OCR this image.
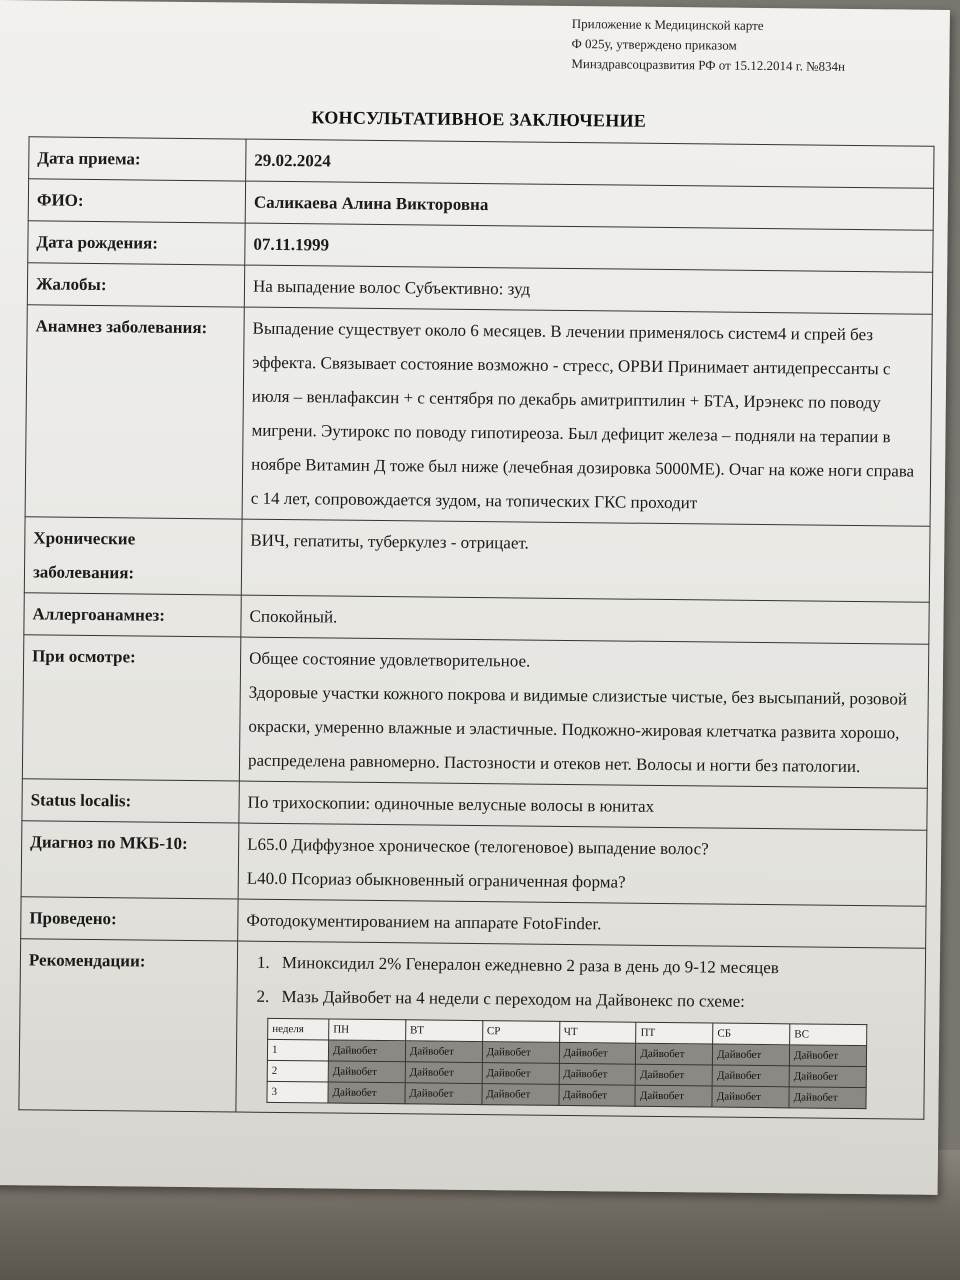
Приложение к Медицинской карте
Ф 025у, утверждено приказом
Минздравсоцразвития РФ от 15.12.2014 г. №834н
КОНСУЛЬТАТИВНОЕ ЗАКЛЮЧЕНИЕ
Дата приема:	29.02.2024
ФИО:	Саликаева Алина Викторовна
Дата рождения:	07.11.1999
Жалобы:	На выпадение волос Субъективно: зуд
Анамнез заболевания:	Выпадение существует около 6 месяцев. В лечении применялось систем4 и спрей без эффекта. Связывает состояние возможно - стресс, ОРВИ Принимает антидепрессанты с июля – венлафаксин + с сентября по декабрь амитриптилин + БТА, Ирэнекс по поводу мигрени. Эутирокс по поводу гипотиреоза. Был дефицит железа – подняли на терапии в ноябре Витамин Д тоже был ниже (лечебная дозировка 5000МЕ). Очаг на коже ноги справа с 14 лет, сопровождается зудом, на топических ГКС проходит
Хронические заболевания:	ВИЧ, гепатиты, туберкулез - отрицает.
Аллергоанамнез:	Спокойный.
При осмотре:	Общее состояние удовлетворительное.
Здоровые участки кожного покрова и видимые слизистые чистые, без высыпаний, розовой окраски, умеренно влажные и эластичные. Подкожно-жировая клетчатка развита хорошо, распределена равномерно. Пастозности и отеков нет. Волосы и ногти без патологии.

Status localis:	По трихоскопии: одиночные велусные волосы в юнитах
Диагноз по МКБ-10:	L65.0 Диффузное хроническое (телогеновое) выпадение волос?
L40.0 Псориаз обыкновенный ограниченная форма?

Проведено:	Фотодокументированием на аппарате FotoFinder.
Рекомендации:	
1.Миноксидил 2% Генералон ежедневно 2 раза в день до 9-12 месяцев
2. Мазь Дайвобет на 4 недели с переходом на Дайвонекс по схеме:
неделя	ПН	ВТ	СР	ЧТ	ПТ	СБ	ВС
1	Дайвобет	Дайвобет	Дайвобет	Дайвобет	Дайвобет	Дайвобет	Дайвобет
2	Дайвобет	Дайвобет	Дайвобет	Дайвобет	Дайвобет	Дайвобет	Дайвобет
3	Дайвобет	Дайвобет	Дайвобет	Дайвобет	Дайвобет	Дайвобет	Дайвобет
